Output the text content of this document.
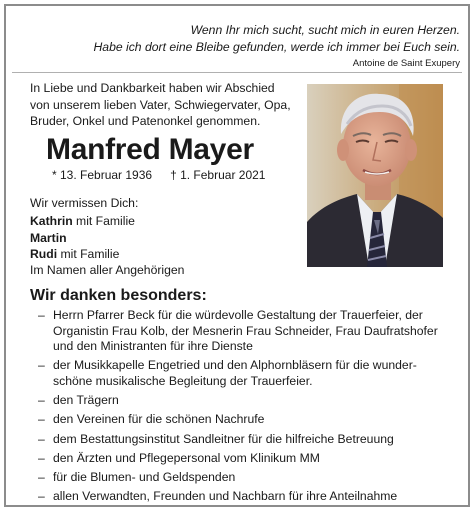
Wenn Ihr mich sucht, sucht mich in euren Herzen.
Habe ich dort eine Bleibe gefunden, werde ich immer bei Euch sein.
Antoine de Saint Exupery
In Liebe und Dankbarkeit haben wir Abschied
von unserem lieben Vater, Schwiegervater, Opa,
Bruder, Onkel und Patenonkel genommen.
Manfred Mayer
* 13. Februar 1936 † 1. Februar 2021
Wir vermissen Dich:
Kathrin mit Familie
Martin
Rudi mit Familie
Im Namen aller Angehörigen
Wir danken besonders:
– Herrn Pfarrer Beck für die würdevolle Gestaltung der Trauerfeier, der
Organistin Frau Kolb, der Mesnerin Frau Schneider, Frau Daufratshofer
und den Ministranten für ihre Dienste
– der Musikkapelle Engetried und den Alphornbläsern für die wunder-
schöne musikalische Begleitung der Trauerfeier.
– den Trägern
– den Vereinen für die schönen Nachrufe
– dem Bestattungsinstitut Sandleitner für die hilfreiche Betreuung
– den Ärzten und Pflegepersonal vom Klinikum MM
– für die Blumen- und Geldspenden
– allen Verwandten, Freunden und Nachbarn für ihre Anteilnahme
